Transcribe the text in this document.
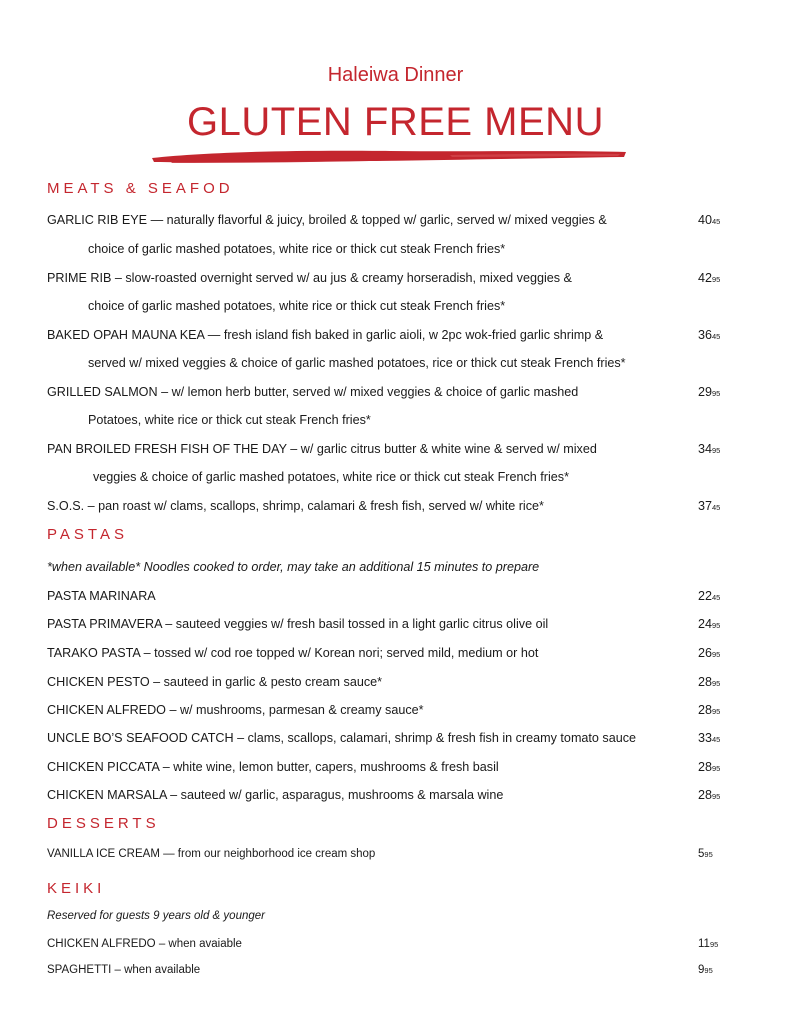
Haleiwa Dinner
GLUTEN FREE MENU
MEATS & SEAFOD
GARLIC RIB EYE — naturally flavorful & juicy, broiled & topped w/ garlic, served w/ mixed veggies &
choice of garlic mashed potatoes, white rice or thick cut steak French fries*
4045
PRIME RIB – slow-roasted overnight served w/ au jus & creamy horseradish, mixed veggies &
choice of garlic mashed potatoes, white rice or thick cut steak French fries*
4295
BAKED OPAH MAUNA KEA — fresh island fish baked in garlic aioli, w 2pc wok-fried garlic shrimp &
served w/ mixed veggies & choice of garlic mashed potatoes, rice or thick cut steak French fries*
3645
GRILLED SALMON – w/ lemon herb butter, served w/ mixed veggies & choice of garlic mashed
Potatoes, white rice or thick cut steak French fries*
2995
PAN BROILED FRESH FISH OF THE DAY – w/ garlic citrus butter & white wine & served w/ mixed
veggies & choice of garlic mashed potatoes, white rice or thick cut steak French fries*
3495
S.O.S. – pan roast w/ clams, scallops, shrimp, calamari & fresh fish, served w/ white rice*	3745
PASTAS
*when available* Noodles cooked to order, may take an additional 15 minutes to prepare
PASTA MARINARA	2245
PASTA PRIMAVERA – sauteed veggies w/ fresh basil tossed in a light garlic citrus olive oil	2495
TARAKO PASTA – tossed w/ cod roe topped w/ Korean nori; served mild, medium or hot	2695
CHICKEN PESTO – sauteed in garlic & pesto cream sauce*	2895
CHICKEN ALFREDO – w/ mushrooms, parmesan & creamy sauce*	2895
UNCLE BO’S SEAFOOD CATCH – clams, scallops, calamari, shrimp & fresh fish in creamy tomato sauce	3345
CHICKEN PICCATA – white wine, lemon butter, capers, mushrooms & fresh basil	2895
CHICKEN MARSALA – sauteed w/ garlic, asparagus, mushrooms & marsala wine	2895
DESSERTS
VANILLA ICE CREAM — from our neighborhood ice cream shop	595
KEIKI
Reserved for guests 9 years old & younger
CHICKEN ALFREDO – when avaiable	1195
SPAGHETTI – when available	995
